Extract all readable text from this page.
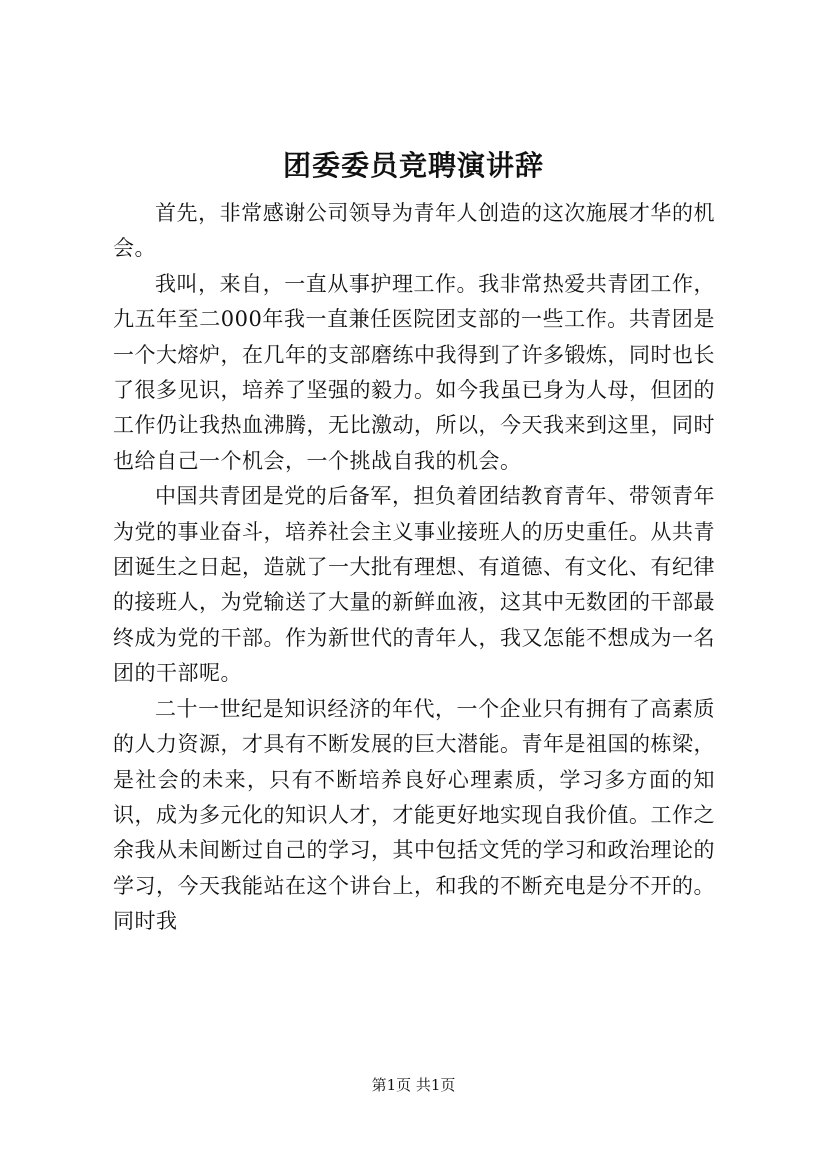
团委委员竞聘演讲辞

首先，非常感谢公司领导为青年人创造的这次施展才华的机会。

我叫，来自，一直从事护理工作。我非常热爱共青团工作，九五年至二000年我一直兼任医院团支部的一些工作。共青团是一个大熔炉，在几年的支部磨练中我得到了许多锻炼，同时也长了很多见识，培养了坚强的毅力。如今我虽已身为人母，但团的工作仍让我热血沸腾，无比激动，所以，今天我来到这里，同时也给自己一个机会，一个挑战自我的机会。

中国共青团是党的后备军，担负着团结教育青年、带领青年为党的事业奋斗，培养社会主义事业接班人的历史重任。从共青团诞生之日起，造就了一大批有理想、有道德、有文化、有纪律的接班人，为党输送了大量的新鲜血液，这其中无数团的干部最终成为党的干部。作为新世代的青年人，我又怎能不想成为一名团的干部呢。

二十一世纪是知识经济的年代，一个企业只有拥有了高素质的人力资源，才具有不断发展的巨大潜能。青年是祖国的栋梁，是社会的未来，只有不断培养良好心理素质，学习多方面的知识，成为多元化的知识人才，才能更好地实现自我价值。工作之余我从未间断过自己的学习，其中包括文凭的学习和政治理论的学习，今天我能站在这个讲台上，和我的不断充电是分不开的。同时我

第1页 共1页
